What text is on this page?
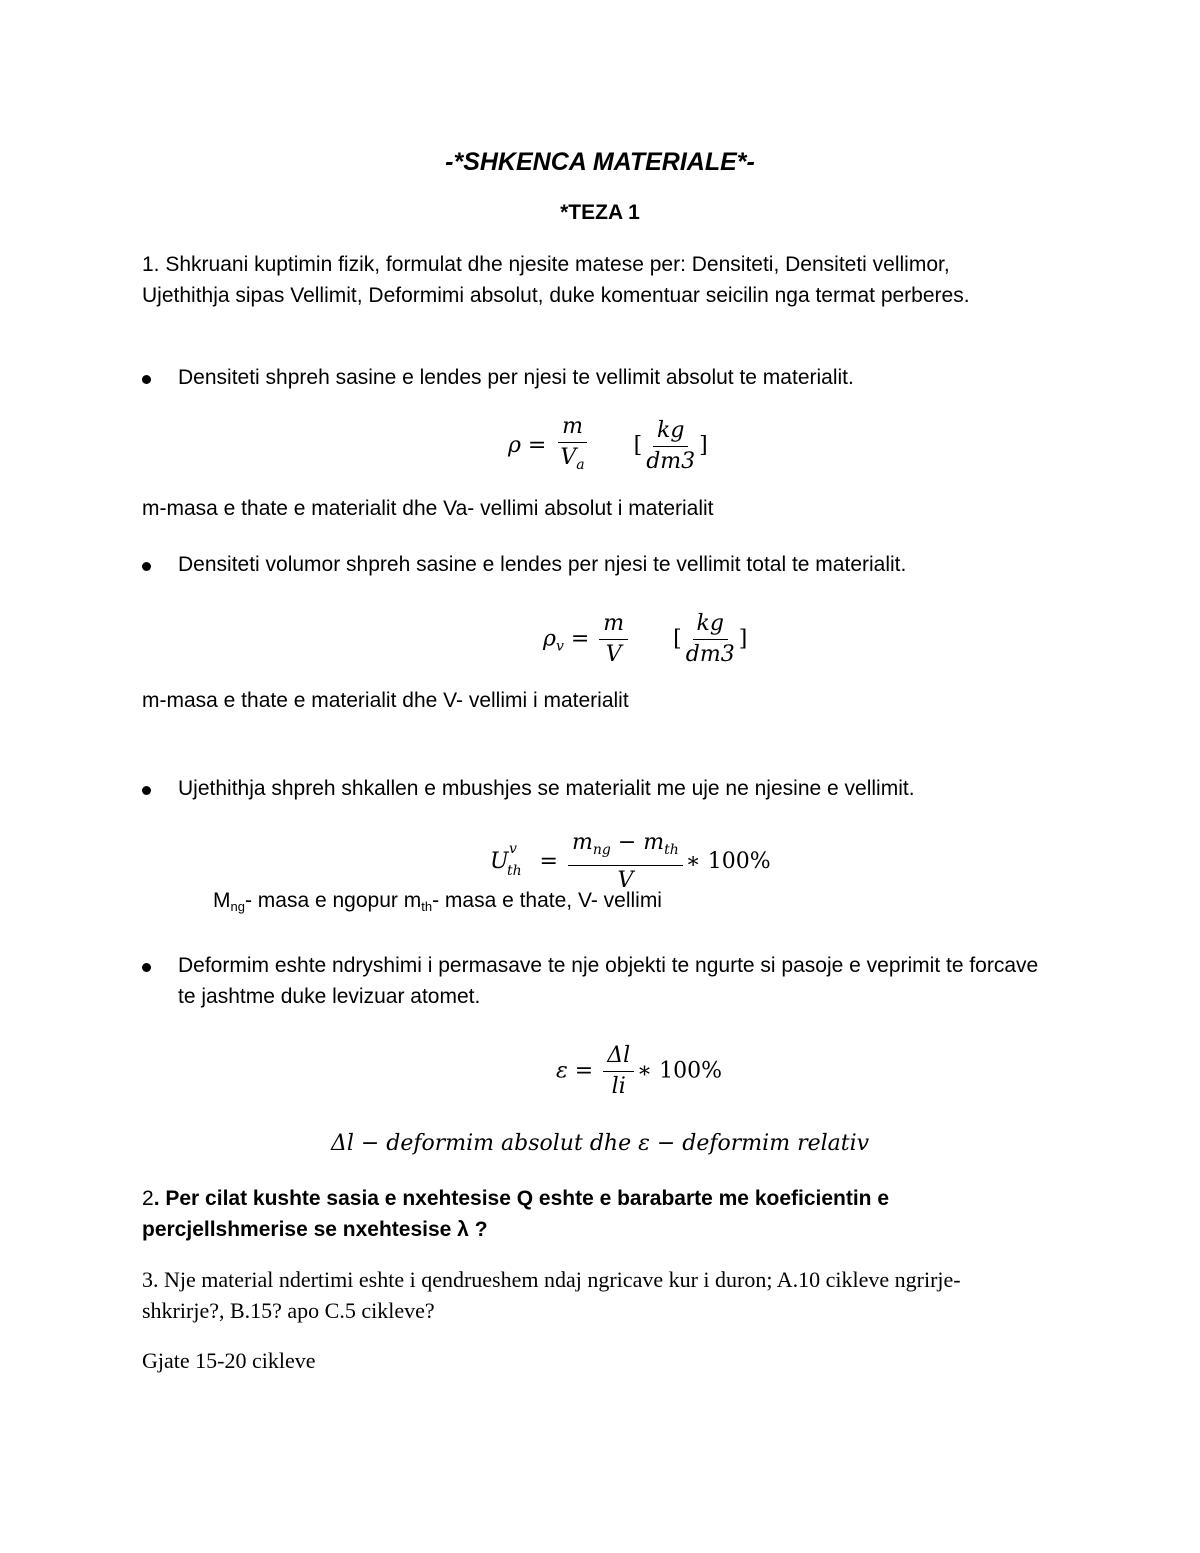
-*SHKENCA MATERIALE*-
*TEZA 1
1. Shkruani kuptimin fizik, formulat dhe njesite matese per: Densiteti, Densiteti vellimor, Ujethithja sipas Vellimit, Deformimi absolut, duke komentuar seicilin nga termat perberes.
Densiteti shpreh sasine e lendes per njesi te vellimit absolut te materialit.
$\rho = \frac{m}{V_a}$ [ $\frac{kg}{dm3}$ ]
m-masa e thate e materialit dhe Va- vellimi absolut i materialit
Densiteti volumor shpreh sasine e lendes per njesi te vellimit total te materialit.
$\rho_v = \frac{m}{V}$ [ $\frac{kg}{dm3}$ ]
m-masa e thate e materialit dhe V- vellimi i materialit
Ujethithja shpreh shkallen e mbushjes se materialit me uje ne njesine e vellimit.
U v
th = $\frac{m_{ng} - m_{th}}{V}$ ∗ 100%
$M_{ng}-$ masa e ngopur $m_{th}-$ masa e thate, V- vellimi
Deformim eshte ndryshimi i permasave te nje objekti te ngurte si pasoje e veprimit te forcave te jashtme duke levizuar atomet.
$\varepsilon = \frac{\Delta l}{li}$ ∗ 100%
Δl − deformim absolut dhe ε − deformim relativ
2. Per cilat kushte sasia e nxehtesise Q eshte e barabarte me koeficientin e percjellshmerise se nxehtesise λ ?
3. Nje material ndertimi eshte i qendrueshem ndaj ngricave kur i duron; A.10 cikleve ngrirje-shkrirje?, B.15? apo C.5 cikleve?
Gjate 15-20 cikleve
